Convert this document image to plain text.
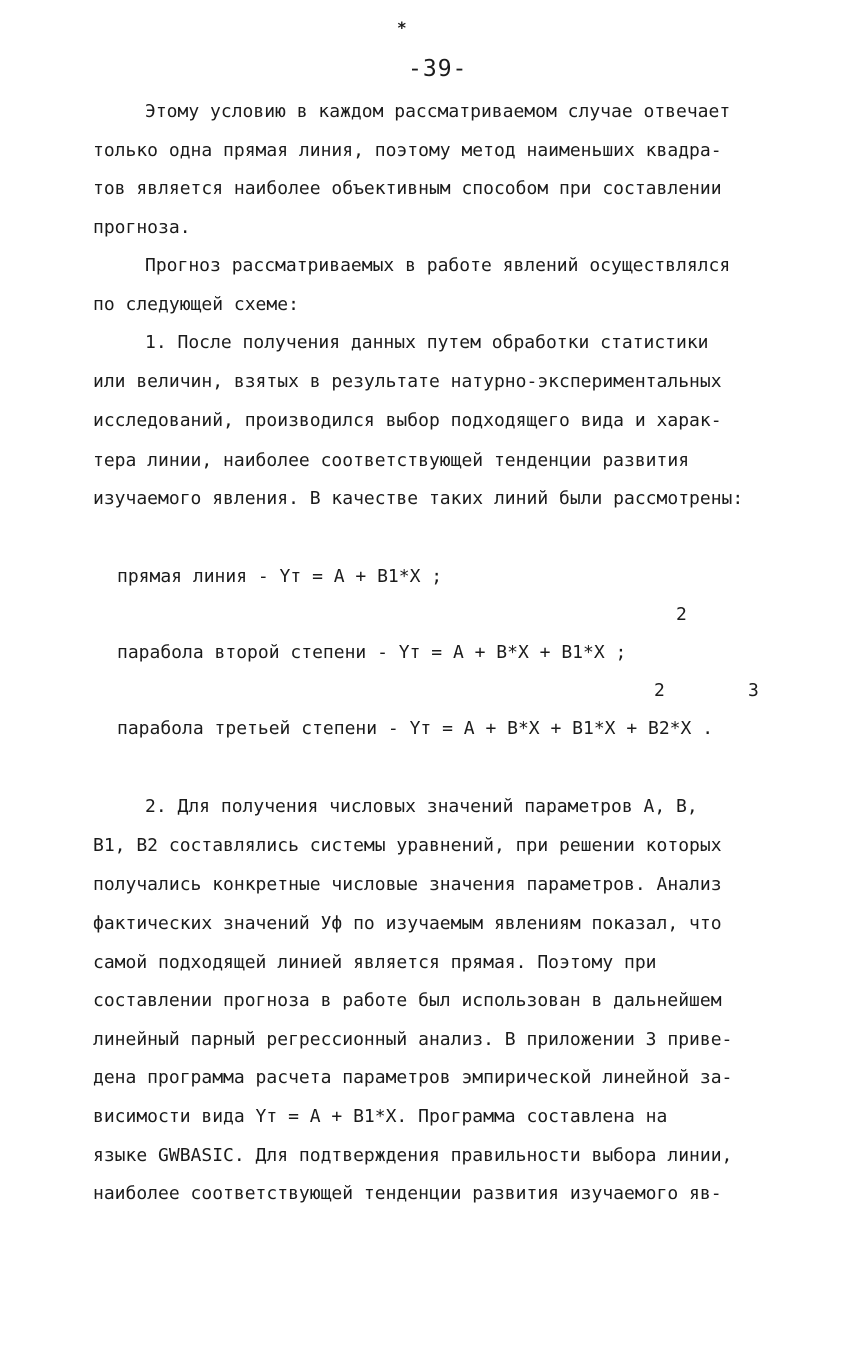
*
-39-
Этому условию в каждом рассматриваемом случае отвечает
только одна прямая линия, поэтому метод наименьших квадра-
тов является наиболее объективным способом при составлении
прогноза.
Прогноз рассматриваемых в работе явлений осуществлялся
по следующей схеме:
1. После получения данных путем обработки статистики
или величин, взятых в результате натурно-экспериментальных
исследований, производился выбор подходящего вида и харак-
тера линии, наиболее соответствующей тенденции развития
изучаемого явления. В качестве таких линий были рассмотрены:
прямая линия - Yт = A + B1*X ;
2
парабола второй степени - Yт = A + B*X + B1*X ;
2	3
парабола третьей степени - Yт = A + B*X + B1*X + B2*X .
2. Для получения числовых значений параметров A, B,
B1, B2 составлялись системы уравнений, при решении которых
получались конкретные числовые значения параметров. Анализ
фактических значений Уф по изучаемым явлениям показал, что
самой подходящей линией является прямая. Поэтому при
составлении прогноза в работе был использован в дальнейшем
линейный парный регрессионный анализ. В приложении 3 приве-
дена программа расчета параметров эмпирической линейной за-
висимости вида Yт = A + B1*X. Программа составлена на
языке GWBASIC. Для подтверждения правильности выбора линии,
наиболее соответствующей тенденции развития изучаемого яв-
